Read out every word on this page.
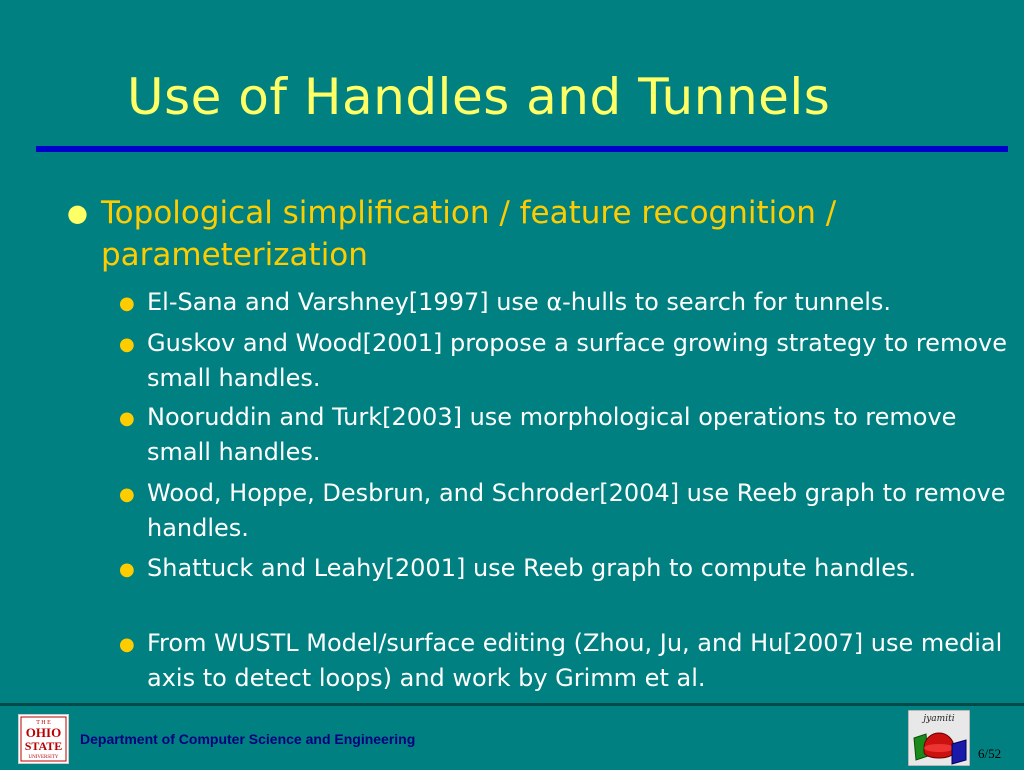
Use of Handles and Tunnels
● Topological simplification / feature recognition / parameterization
● El-Sana and Varshney[1997] use α-hulls to search for tunnels.
● Guskov and Wood[2001] propose a surface growing strategy to remove small handles.
● Nooruddin and Turk[2003] use morphological operations to remove small handles.
● Wood, Hoppe, Desbrun, and Schroder[2004] use Reeb graph to remove handles.
● Shattuck and Leahy[2001] use Reeb graph to compute handles.
● From WUSTL Model/surface editing (Zhou, Ju, and Hu[2007] use medial axis to detect loops) and work by Grimm et al.
T H E
OHIO
STATE
UNIVERSITY
Department of Computer Science and Engineering
jyamiti
6/52
